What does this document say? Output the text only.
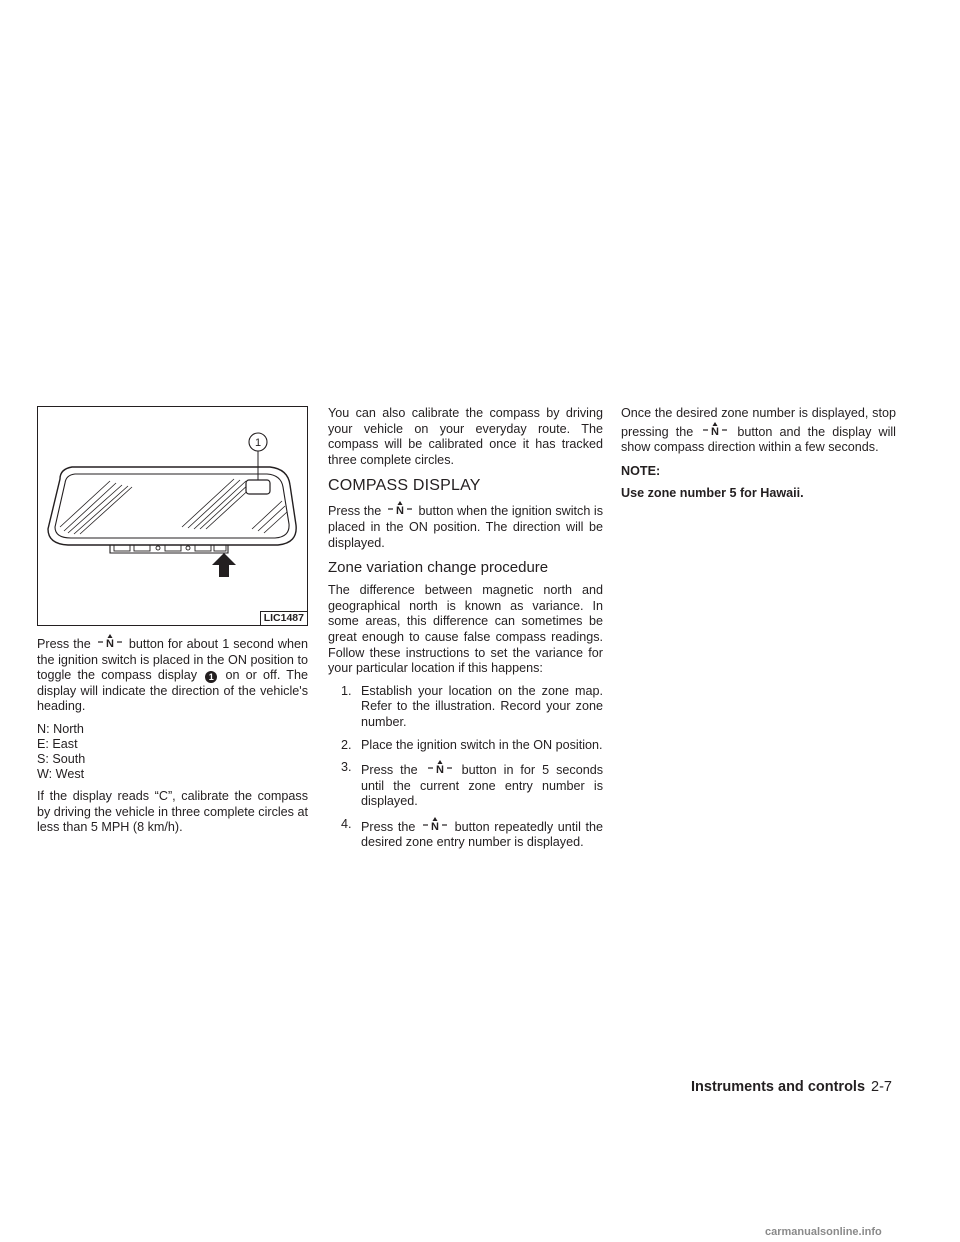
1
LIC1487

Press the N button for about 1 second when the ignition switch is placed in the ON position to toggle the compass display 1 on or off. The display will indicate the direction of the vehicle's heading.

N: North
E: East
S: South
W: West

If the display reads “C”, calibrate the compass by driving the vehicle in three complete circles at less than 5 MPH (8 km/h).

You can also calibrate the compass by driving your vehicle on your everyday route. The compass will be calibrated once it has tracked three complete circles.

COMPASS DISPLAY

Press the N button when the ignition switch is placed in the ON position. The direction will be displayed.

Zone variation change procedure

The difference between magnetic north and geographical north is known as variance. In some areas, this difference can sometimes be great enough to cause false compass readings. Follow these instructions to set the variance for your particular location if this happens:

1. Establish your location on the zone map. Refer to the illustration. Record your zone number.
2. Place the ignition switch in the ON position.
3. Press the N button in for 5 seconds until the current zone entry number is displayed.
4. Press the N button repeatedly until the desired zone entry number is displayed.

Once the desired zone number is displayed, stop pressing the N button and the display will show compass direction within a few seconds.

NOTE:

Use zone number 5 for Hawaii.

Instruments and controls 2-7
carmanualsonline.info
